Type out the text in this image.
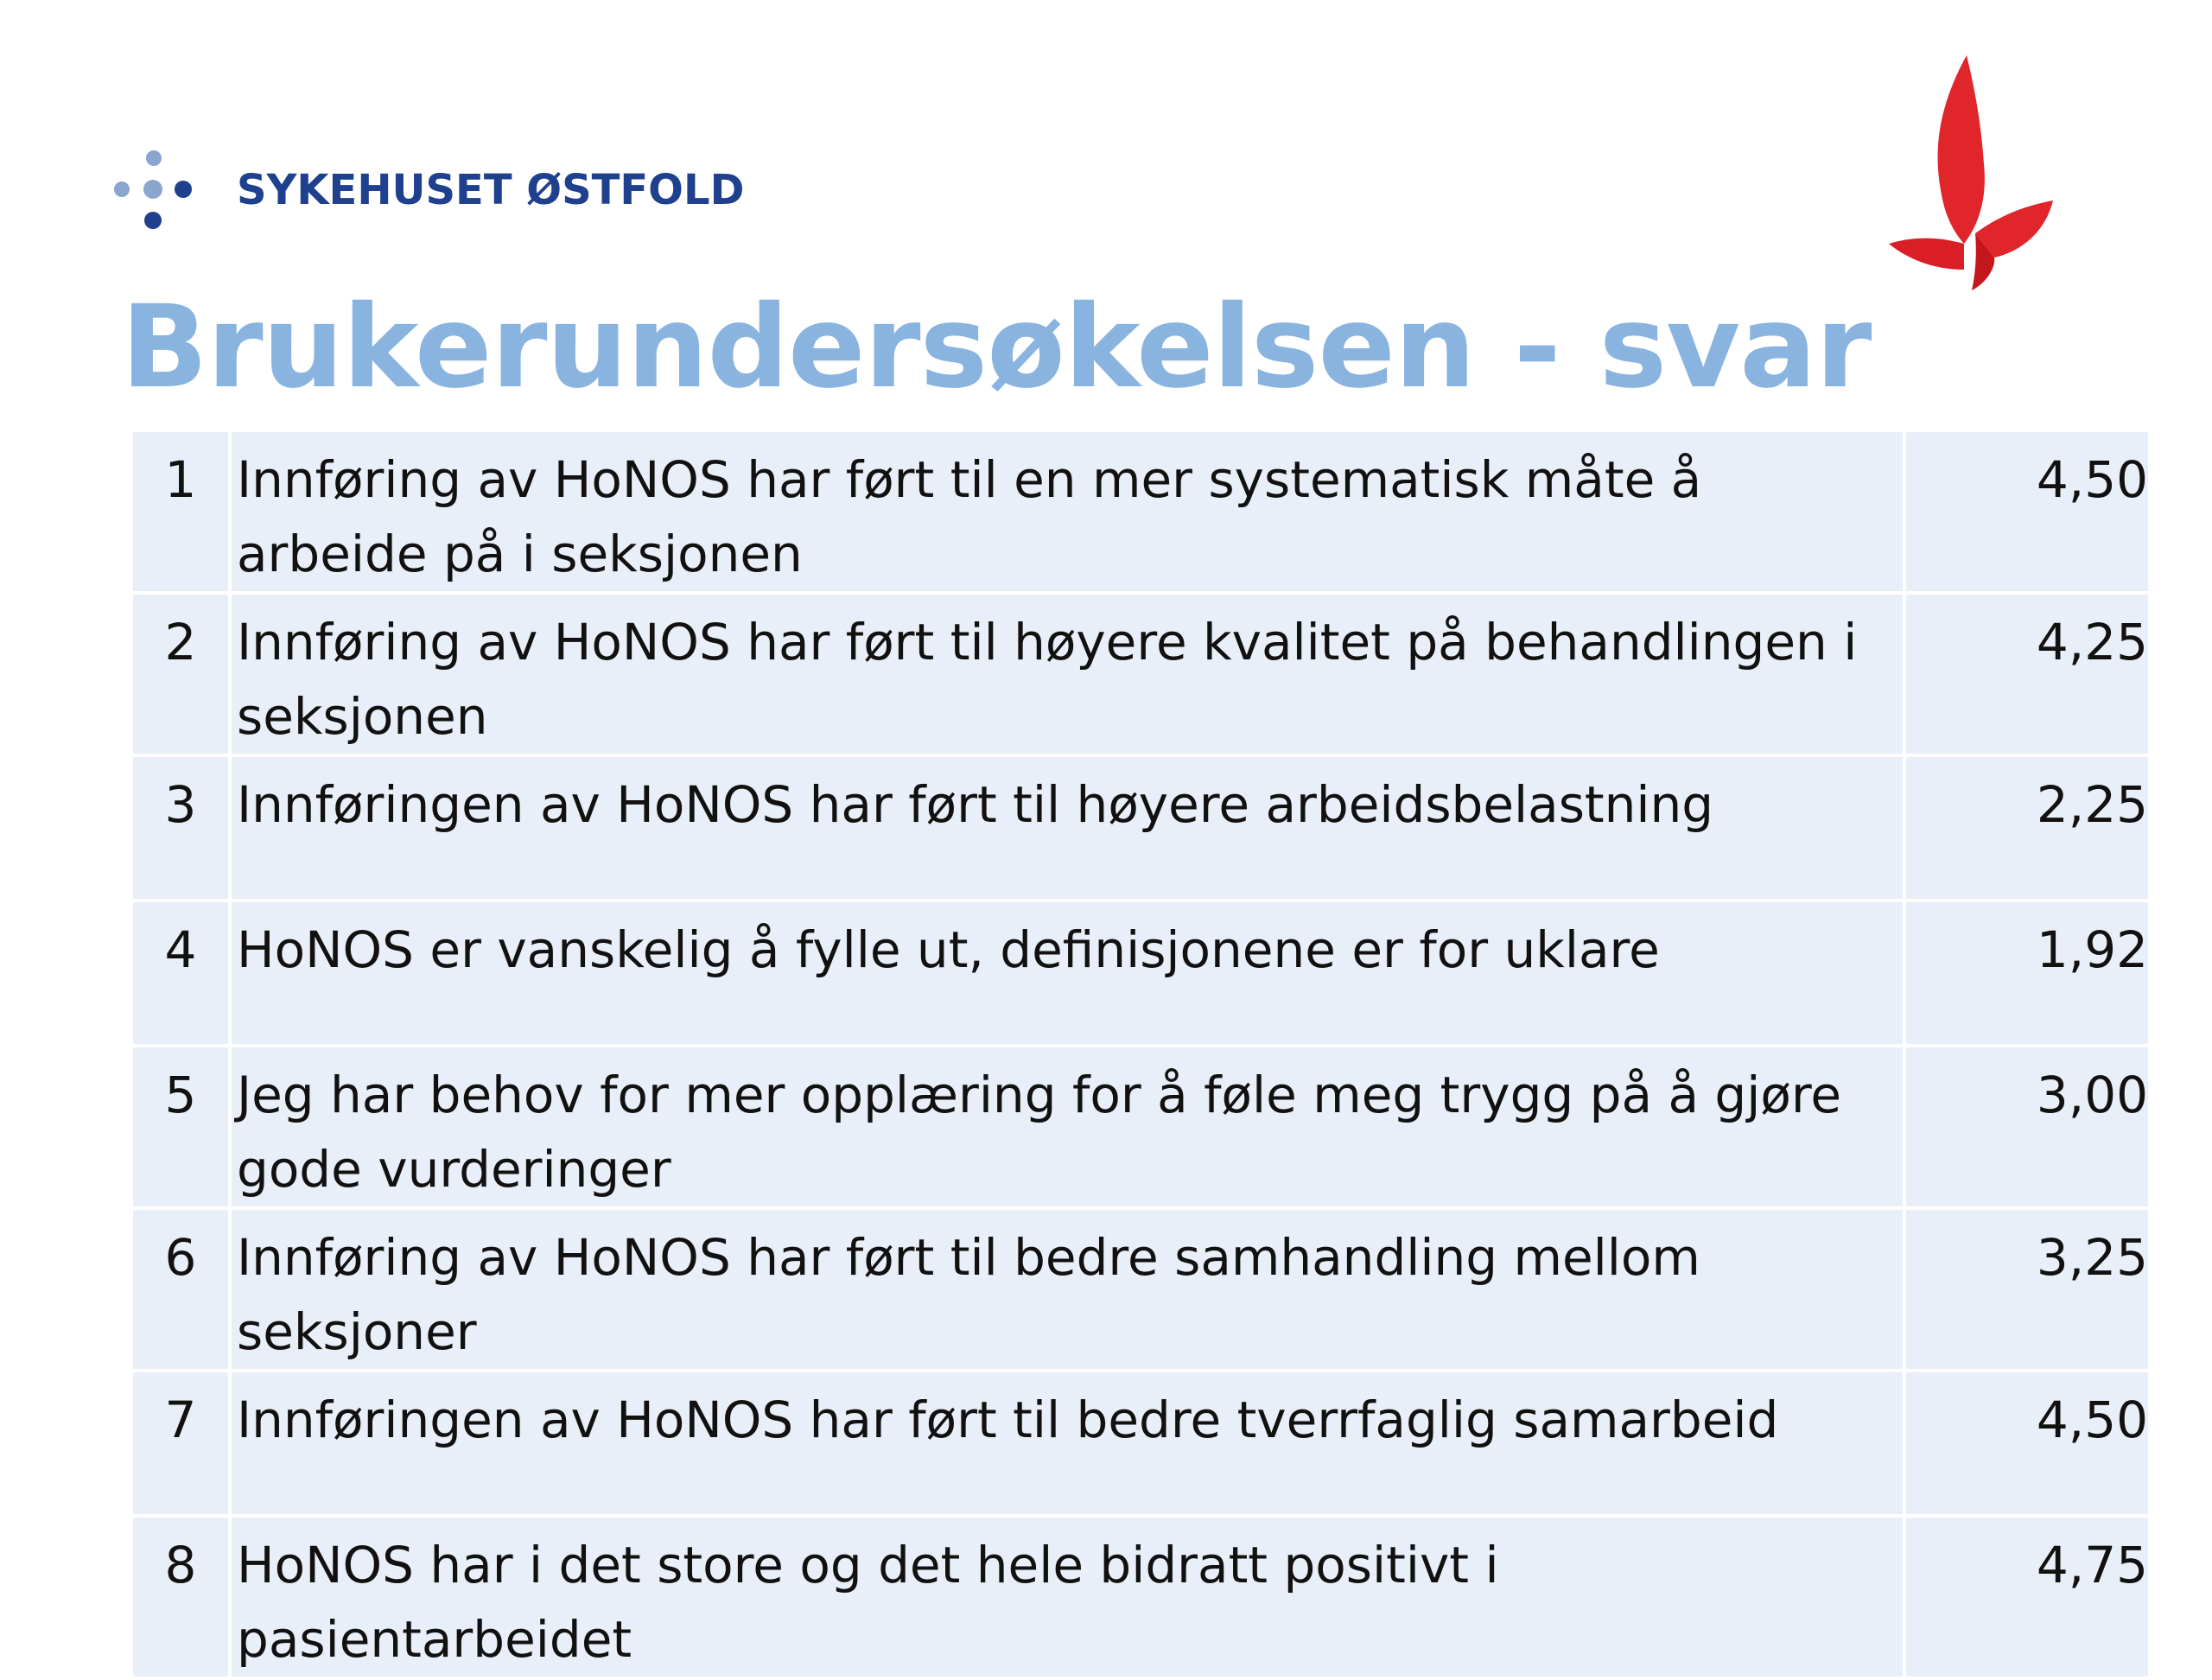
SYKEHUSET ØSTFOLD
Brukerundersøkelsen - svar
1	Innføring av HoNOS har ført til en mer systematisk måte å arbeide på i seksjonen	4,50
2	Innføring av HoNOS har ført til høyere kvalitet på behandlingen i seksjonen	4,25
3	Innføringen av HoNOS har ført til høyere arbeidsbelastning	2,25
4	HoNOS er vanskelig å fylle ut, definisjonene er for uklare	1,92
5	Jeg har behov for mer opplæring for å føle meg trygg på å gjøre gode vurderinger	3,00
6	Innføring av HoNOS har ført til bedre samhandling mellom seksjoner	3,25
7	Innføringen av HoNOS har ført til bedre tverrfaglig samarbeid	4,50
8	HoNOS har i det store og det hele bidratt positivt i pasientarbeidet	4,75
